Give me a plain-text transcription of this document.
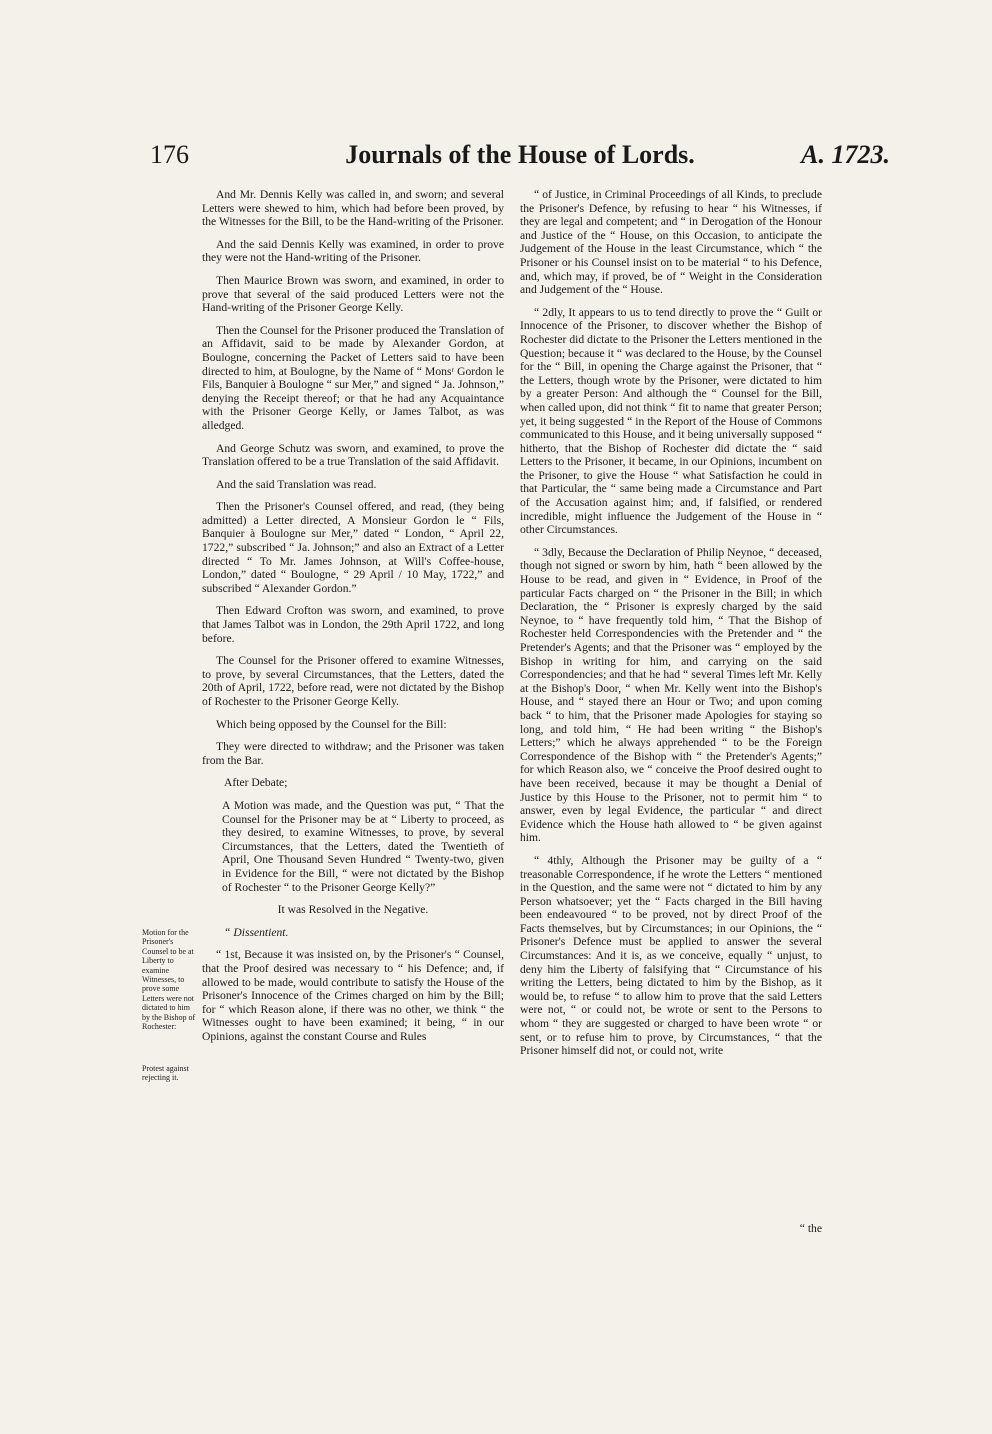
176	Journals of the House of Lords.	A. 1723.

And Mr. Dennis Kelly was called in, and sworn; and several Letters were shewed to him, which had before been proved, by the Witnesses for the Bill, to be the Hand-writing of the Prisoner.

And the said Dennis Kelly was examined, in order to prove they were not the Hand-writing of the Prisoner.

Then Maurice Brown was sworn, and examined, in order to prove that several of the said produced Letters were not the Hand-writing of the Prisoner George Kelly.

Then the Counsel for the Prisoner produced the Translation of an Affidavit, said to be made by Alexander Gordon, at Boulogne, concerning the Packet of Letters said to have been directed to him, at Boulogne, by the Name of “ Monsʳ Gordon le Fils, Banquier à Boulogne “ sur Mer,” and signed “ Ja. Johnson,” denying the Receipt thereof; or that he had any Acquaintance with the Prisoner George Kelly, or James Talbot, as was alledged.

And George Schutz was sworn, and examined, to prove the Translation offered to be a true Translation of the said Affidavit.

And the said Translation was read.

Then the Prisoner's Counsel offered, and read, (they being admitted) a Letter directed, A Monsieur Gordon le “ Fils, Banquier à Boulogne sur Mer,” dated “ London, “ April 22, 1722,” subscribed “ Ja. Johnson;” and also an Extract of a Letter directed “ To Mr. James Johnson, at Will's Coffee-house, London,” dated “ Boulogne, “ 29 April / 10 May, 1722,” and subscribed “ Alexander Gordon.”

Then Edward Crofton was sworn, and examined, to prove that James Talbot was in London, the 29th April 1722, and long before.

The Counsel for the Prisoner offered to examine Witnesses, to prove, by several Circumstances, that the Letters, dated the 20th of April, 1722, before read, were not dictated by the Bishop of Rochester to the Prisoner George Kelly.

Which being opposed by the Counsel for the Bill:

They were directed to withdraw; and the Prisoner was taken from the Bar.

After Debate;

A Motion was made, and the Question was put, “ That the Counsel for the Prisoner may be at “ Liberty to proceed, as they desired, to examine Witnesses, to prove, by several Circumstances, that the Letters, dated the Twentieth of April, One Thousand Seven Hundred “ Twenty-two, given in Evidence for the Bill, “ were not dictated by the Bishop of Rochester “ to the Prisoner George Kelly?”

It was Resolved in the Negative.

“ Dissentient.

“ 1st, Because it was insisted on, by the Prisoner's “ Counsel, that the Proof desired was necessary to “ his Defence; and, if allowed to be made, would contribute to satisfy the House of the Prisoner's Innocence of the Crimes charged on him by the Bill; for “ which Reason alone, if there was no other, we think “ the Witnesses ought to have been examined; it being, “ in our Opinions, against the constant Course and Rules

“ of Justice, in Criminal Proceedings of all Kinds, to preclude the Prisoner's Defence, by refusing to hear “ his Witnesses, if they are legal and competent; and “ in Derogation of the Honour and Justice of the “ House, on this Occasion, to anticipate the Judgement of the House in the least Circumstance, which “ the Prisoner or his Counsel insist on to be material “ to his Defence, and, which may, if proved, be of “ Weight in the Consideration and Judgement of the “ House.

“ 2dly, It appears to us to tend directly to prove the “ Guilt or Innocence of the Prisoner, to discover whether the Bishop of Rochester did dictate to the Prisoner the Letters mentioned in the Question; because it “ was declared to the House, by the Counsel for the “ Bill, in opening the Charge against the Prisoner, that “ the Letters, though wrote by the Prisoner, were dictated to him by a greater Person: And although the “ Counsel for the Bill, when called upon, did not think “ fit to name that greater Person; yet, it being suggested “ in the Report of the House of Commons communicated to this House, and it being universally supposed “ hitherto, that the Bishop of Rochester did dictate the “ said Letters to the Prisoner, it became, in our Opinions, incumbent on the Prisoner, to give the House “ what Satisfaction he could in that Particular, the “ same being made a Circumstance and Part of the Accusation against him; and, if falsified, or rendered incredible, might influence the Judgement of the House in “ other Circumstances.

“ 3dly, Because the Declaration of Philip Neynoe, “ deceased, though not signed or sworn by him, hath “ been allowed by the House to be read, and given in “ Evidence, in Proof of the particular Facts charged on “ the Prisoner in the Bill; in which Declaration, the “ Prisoner is expresly charged by the said Neynoe, to “ have frequently told him, “ That the Bishop of Rochester held Correspondencies with the Pretender and “ the Pretender's Agents; and that the Prisoner was “ employed by the Bishop in writing for him, and carrying on the said Correspondencies; and that he had “ several Times left Mr. Kelly at the Bishop's Door, “ when Mr. Kelly went into the Bishop's House, and “ stayed there an Hour or Two; and upon coming back “ to him, that the Prisoner made Apologies for staying so long, and told him, “ He had been writing “ the Bishop's Letters;” which he always apprehended “ to be the Foreign Correspondence of the Bishop with “ the Pretender's Agents;” for which Reason also, we “ conceive the Proof desired ought to have been received, because it may be thought a Denial of Justice by this House to the Prisoner, not to permit him “ to answer, even by legal Evidence, the particular “ and direct Evidence which the House hath allowed to “ be given against him.

“ 4thly, Although the Prisoner may be guilty of a “ treasonable Correspondence, if he wrote the Letters “ mentioned in the Question, and the same were not “ dictated to him by any Person whatsoever; yet the “ Facts charged in the Bill having been endeavoured “ to be proved, not by direct Proof of the Facts themselves, but by Circumstances; in our Opinions, the “ Prisoner's Defence must be applied to answer the several Circumstances: And it is, as we conceive, equally “ unjust, to deny him the Liberty of falsifying that “ Circumstance of his writing the Letters, being dictated to him by the Bishop, as it would be, to refuse “ to allow him to prove that the said Letters were not, “ or could not, be wrote or sent to the Persons to whom “ they are suggested or charged to have been wrote “ or sent, or to refuse him to prove, by Circumstances, “ that the Prisoner himself did not, or could not, write

Motion for the Prisoner's Counsel to be at Liberty to examine Witnesses, to prove some Letters were not dictated to him by the Bishop of Rochester:
Protest against rejecting it.
“ the
